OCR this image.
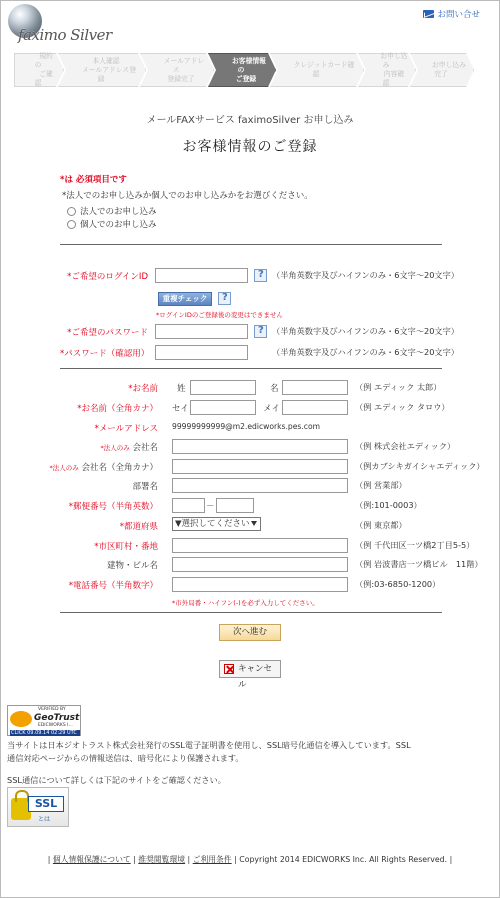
faximo Silver
お問い合せ
規約の
ご確認
本人確認
メールアドレス登録
メールアドレス
登録完了
お客様情報の
ご登録
クレジットカード確認
お申し込み
内容確認
お申し込み完了
メールFAXサービス faximoSilver お申し込み
お客様情報のご登録
*は 必須項目です
*法人でのお申し込みか個人でのお申し込みかをお選びください。
法人でのお申し込み
個人でのお申し込み
*ご希望のログインID ?	（半角英数字及びハイフンのみ・6文字〜20文字）
重複チェック
?
*ログインIDのご登録後の変更はできません
*ご希望のパスワード ?	（半角英数字及びハイフンのみ・6文字〜20文字）
*パスワード（確認用）	（半角英数字及びハイフンのみ・6文字〜20文字）
*お名前 姓	名	（例 エディック 太郎）
*お名前（全角カナ） セイ	メイ	（例 エディック タロウ）
*メールアドレス 99999999999@m2.edicworks.pes.com
*法人のみ 会社名	（例 株式会社エディック）
*法人のみ 会社名（全角カナ）	（例カブシキガイシャエディック）
部署名	（例 営業部）
*郵便番号（半角英数）	－	（例:101-0003）
*都道府県	▼選択してください	（例 東京都）
*市区町村・番地	（例 千代田区一ツ橋2丁目5-5）
建物・ビル名	（例 岩波書店一ツ橋ビル　11階）
*電話番号（半角数字）	（例:03-6850-1200）
*市外局番・ハイフン(-)を必ず入力してください。
次へ進む
キャンセル
VERIFIED BY
GeoTrust
EDICWORKS I...
CLICK 09.09.14 02:29 UTC
当サイトは日本ジオトラスト株式会社発行のSSL電子証明書を使用し、SSL暗号化通信を導入しています。SSL
通信対応ページからの情報送信は、暗号化により保護されます。
SSL通信について詳しくは下記のサイトをご確認ください。
SSL
とは
| 個人情報保護について | 推奨閲覧環境 | ご利用条件 | Copyright 2014 EDICWORKS Inc. All Rights Reserved. |
